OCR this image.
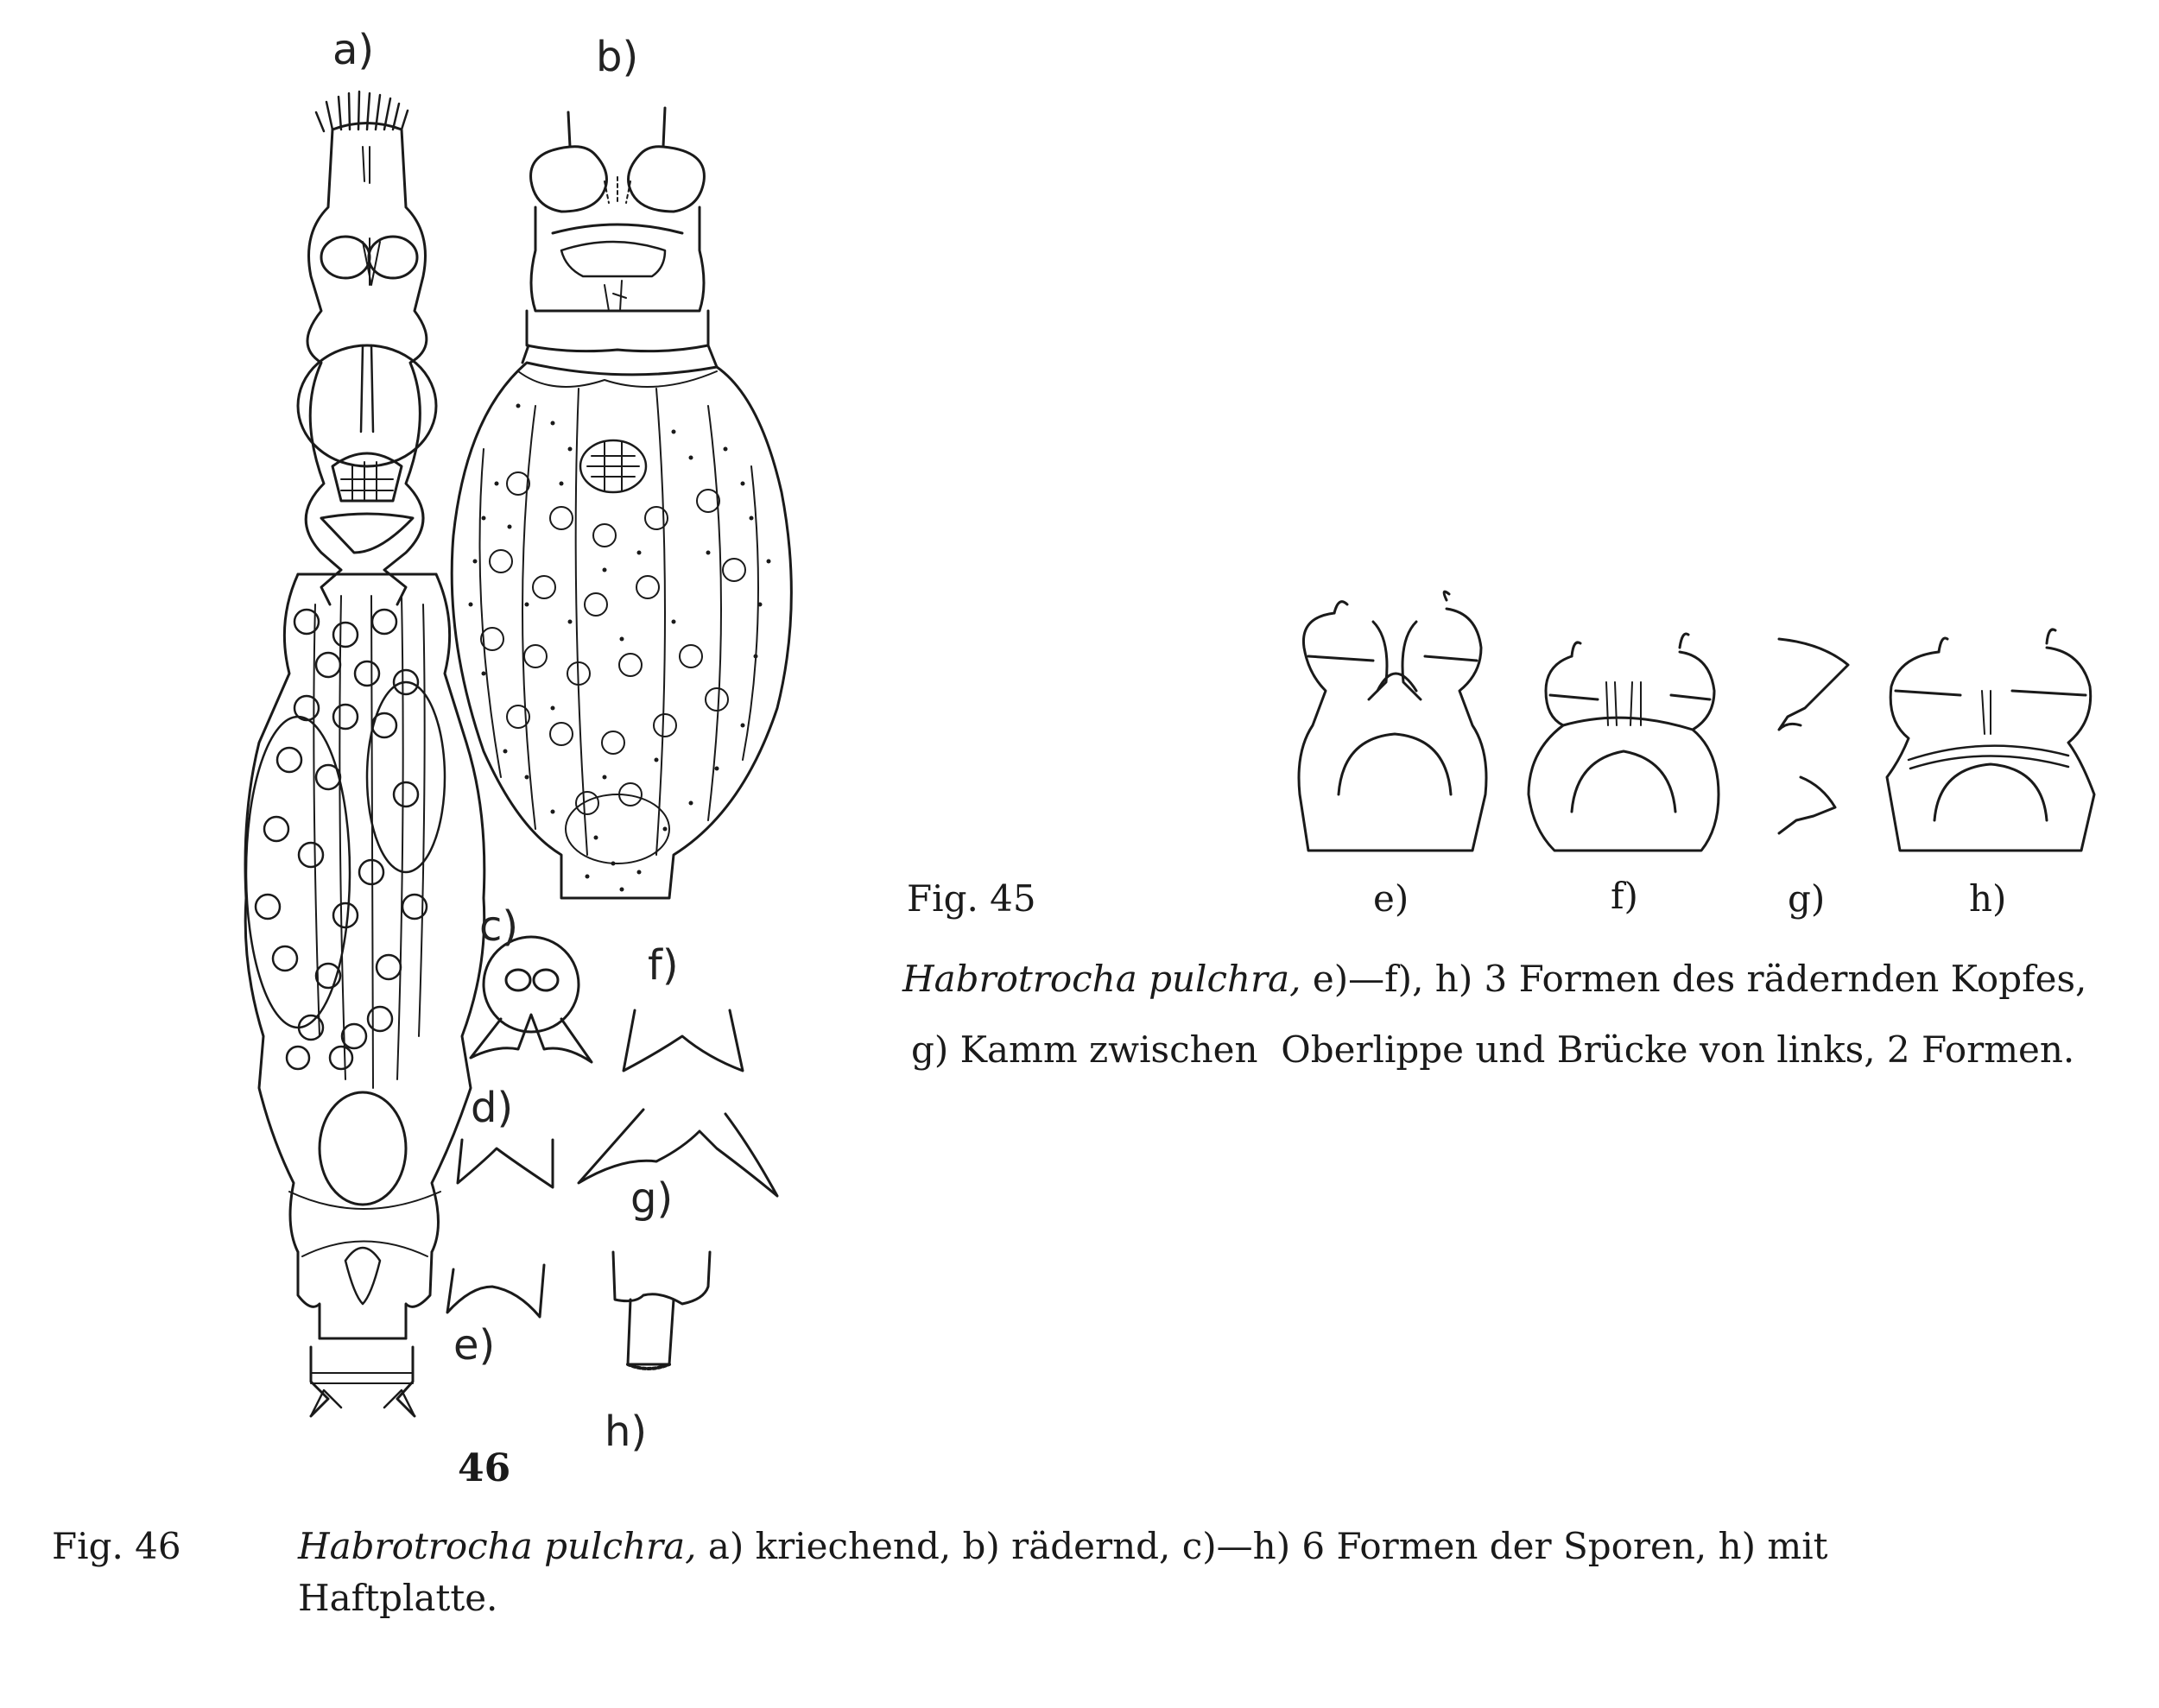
a)	b)
c)
d)
e)
f)
g)
h)
46
Fig. 45	e)	f)	g)	h)
Habrotrocha pulchra, e)—f), h) 3 Formen des rädernden Kopfes,
g) Kamm zwischen  Oberlippe und Brücke von links, 2 Formen.
Fig. 46	Habrotrocha pulchra, a) kriechend, b) rädernd, c)—h) 6 Formen der Sporen, h) mit
Haftplatte.
